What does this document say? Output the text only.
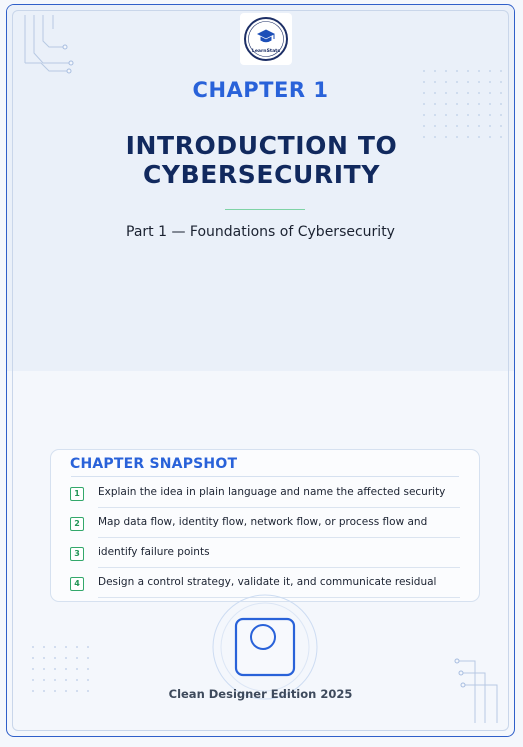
LearnStats
CHAPTER 1
INTRODUCTION TO
CYBERSECURITY
Part 1 — Foundations of Cybersecurity
CHAPTER SNAPSHOT
1	Explain the idea in plain language and name the affected security
2	Map data flow, identity flow, network flow, or process flow and
3	identify failure points
4	Design a control strategy, validate it, and communicate residual
Clean Designer Edition 2025
